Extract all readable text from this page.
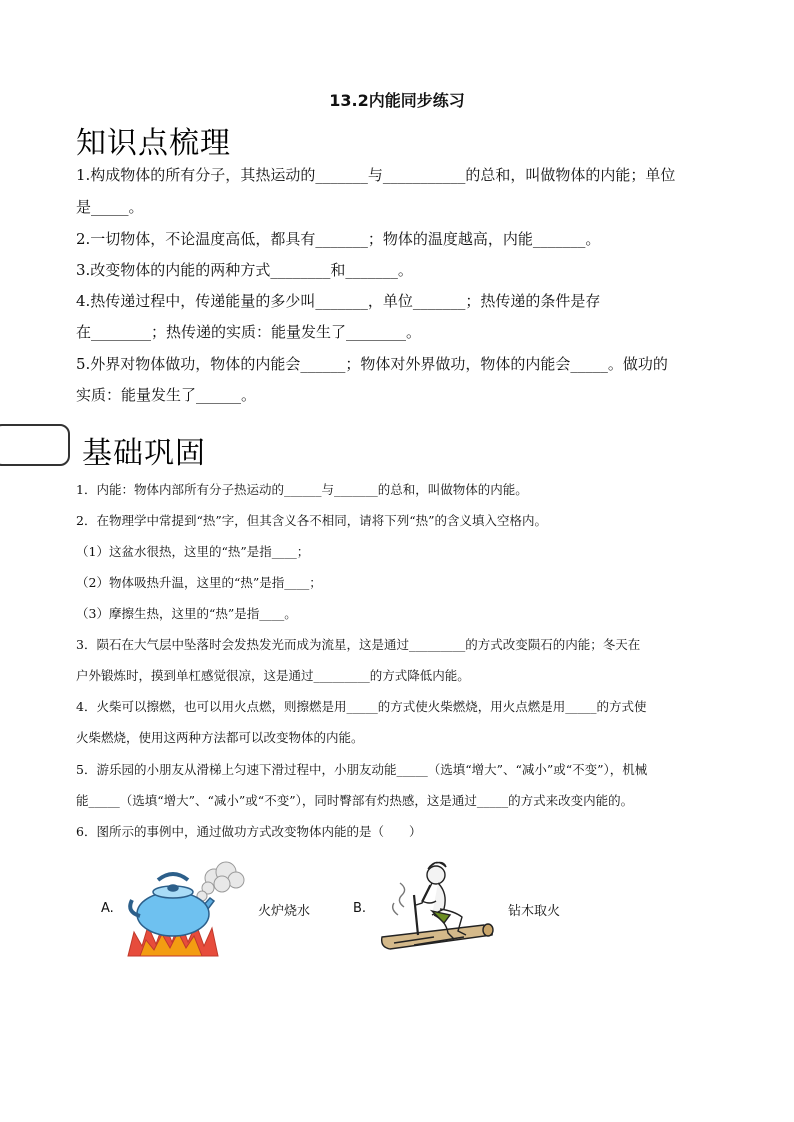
13.2内能同步练习
知识点梳理
1.构成物体的所有分子，其热运动的_______与___________的总和，叫做物体的内能；单位
是_____。
2.一切物体，不论温度高低，都具有_______；物体的温度越高，内能_______。
3.改变物体的内能的两种方式________和_______。
4.热传递过程中，传递能量的多少叫_______，单位_______；热传递的条件是存
在________；热传递的实质：能量发生了________。
5.外界对物体做功，物体的内能会______；物体对外界做功，物体的内能会_____。做功的
实质：能量发生了______。
基础巩固
1．内能：物体内部所有分子热运动的______与_______的总和，叫做物体的内能。
2．在物理学中常提到“热”字，但其含义各不相同，请将下列“热”的含义填入空格内。
（1）这盆水很热，这里的“热”是指____；
（2）物体吸热升温，这里的“热”是指____；
（3）摩擦生热，这里的“热”是指____。
3．陨石在大气层中坠落时会发热发光而成为流星，这是通过_________的方式改变陨石的内能；冬天在
户外锻炼时，摸到单杠感觉很凉，这是通过_________的方式降低内能。
4．火柴可以擦燃，也可以用火点燃，则擦燃是用_____的方式使火柴燃烧，用火点燃是用_____的方式使
火柴燃烧，使用这两种方法都可以改变物体的内能。
5．游乐园的小朋友从滑梯上匀速下滑过程中，小朋友动能_____（选填“增大”、“减小”或“不变”），机械
能_____（选填“增大”、“减小”或“不变”），同时臀部有灼热感，这是通过_____的方式来改变内能的。
6．图所示的事例中，通过做功方式改变物体内能的是（　　）
A.	火炉烧水	B.	钻木取火
